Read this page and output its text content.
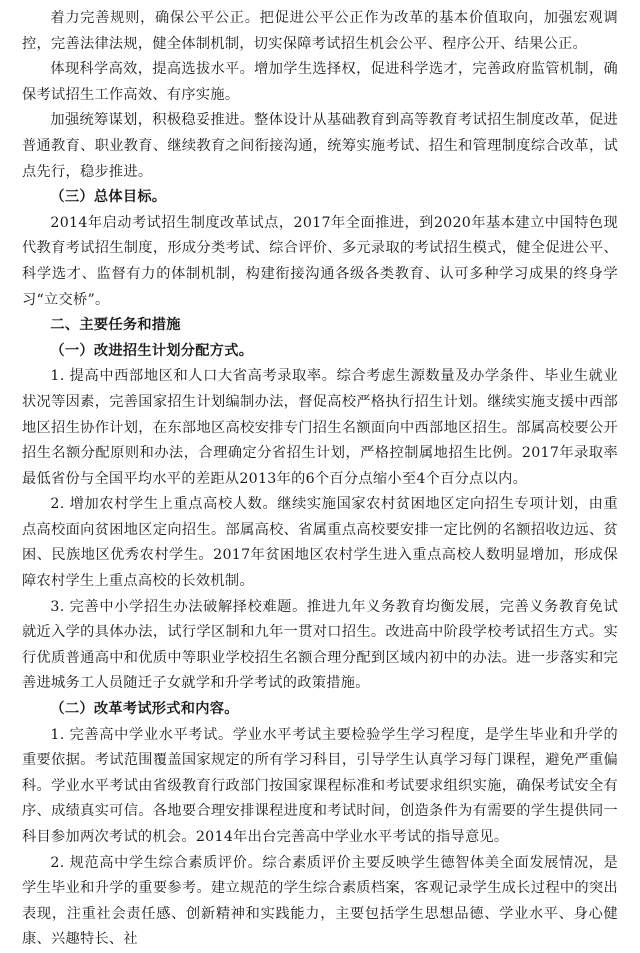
着力完善规则，确保公平公正。把促进公平公正作为改革的基本价值取向，加强宏观调控，完善法律法规，健全体制机制，切实保障考试招生机会公平、程序公开、结果公正。

体现科学高效，提高选拔水平。增加学生选择权，促进科学选才，完善政府监管机制，确保考试招生工作高效、有序实施。

加强统筹谋划，积极稳妥推进。整体设计从基础教育到高等教育考试招生制度改革，促进普通教育、职业教育、继续教育之间衔接沟通，统筹实施考试、招生和管理制度综合改革，试点先行，稳步推进。

（三）总体目标。

2014年启动考试招生制度改革试点，2017年全面推进，到2020年基本建立中国特色现代教育考试招生制度，形成分类考试、综合评价、多元录取的考试招生模式，健全促进公平、科学选才、监督有力的体制机制，构建衔接沟通各级各类教育、认可多种学习成果的终身学习“立交桥”。

二、主要任务和措施

（一）改进招生计划分配方式。

1. 提高中西部地区和人口大省高考录取率。综合考虑生源数量及办学条件、毕业生就业状况等因素，完善国家招生计划编制办法，督促高校严格执行招生计划。继续实施支援中西部地区招生协作计划，在东部地区高校安排专门招生名额面向中西部地区招生。部属高校要公开招生名额分配原则和办法，合理确定分省招生计划，严格控制属地招生比例。2017年录取率最低省份与全国平均水平的差距从2013年的6个百分点缩小至4个百分点以内。

2. 增加农村学生上重点高校人数。继续实施国家农村贫困地区定向招生专项计划，由重点高校面向贫困地区定向招生。部属高校、省属重点高校要安排一定比例的名额招收边远、贫困、民族地区优秀农村学生。2017年贫困地区农村学生进入重点高校人数明显增加，形成保障农村学生上重点高校的长效机制。

3. 完善中小学招生办法破解择校难题。推进九年义务教育均衡发展，完善义务教育免试就近入学的具体办法，试行学区制和九年一贯对口招生。改进高中阶段学校考试招生方式。实行优质普通高中和优质中等职业学校招生名额合理分配到区域内初中的办法。进一步落实和完善进城务工人员随迁子女就学和升学考试的政策措施。

（二）改革考试形式和内容。

1. 完善高中学业水平考试。学业水平考试主要检验学生学习程度，是学生毕业和升学的重要依据。考试范围覆盖国家规定的所有学习科目，引导学生认真学习每门课程，避免严重偏科。学业水平考试由省级教育行政部门按国家课程标准和考试要求组织实施，确保考试安全有序、成绩真实可信。各地要合理安排课程进度和考试时间，创造条件为有需要的学生提供同一科目参加两次考试的机会。2014年出台完善高中学业水平考试的指导意见。

2. 规范高中学生综合素质评价。综合素质评价主要反映学生德智体美全面发展情况，是学生毕业和升学的重要参考。建立规范的学生综合素质档案，客观记录学生成长过程中的突出表现，注重社会责任感、创新精神和实践能力，主要包括学生思想品德、学业水平、身心健康、兴趣特长、社
